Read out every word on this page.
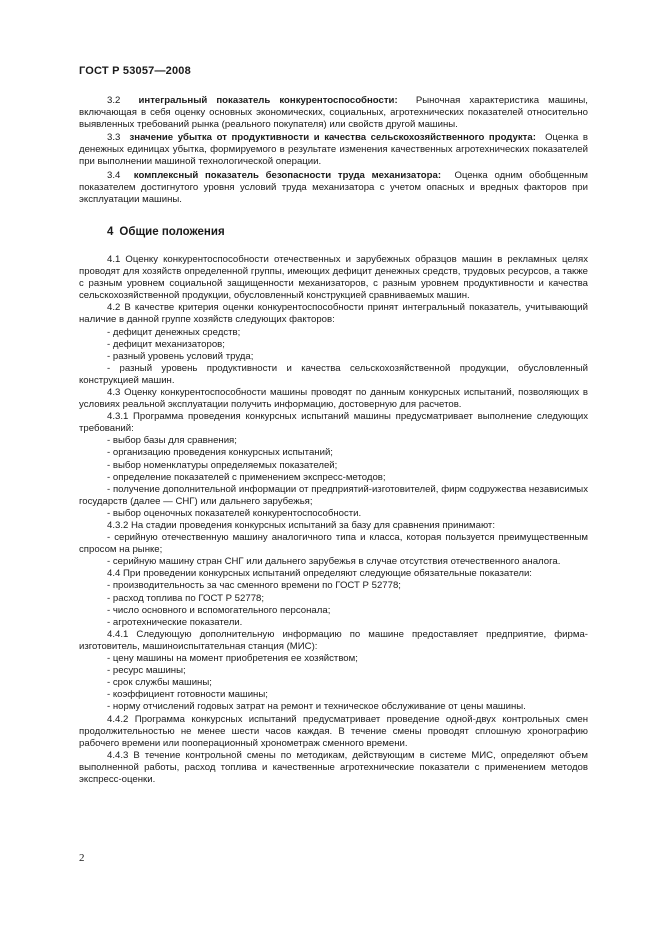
ГОСТ Р 53057—2008

3.2 интегральный показатель конкурентоспособности: Рыночная характеристика машины, включающая в себя оценку основных экономических, социальных, агротехнических показателей относительно выявленных требований рынка (реального покупателя) или свойств другой машины.

3.3 значение убытка от продуктивности и качества сельскохозяйственного продукта: Оценка в денежных единицах убытка, формируемого в результате изменения качественных агротехнических показателей при выполнении машиной технологической операции.

3.4 комплексный показатель безопасности труда механизатора: Оценка одним обобщенным показателем достигнутого уровня условий труда механизатора с учетом опасных и вредных факторов при эксплуатации машины.

4 Общие положения

4.1 Оценку конкурентоспособности отечественных и зарубежных образцов машин в рекламных целях проводят для хозяйств определенной группы, имеющих дефицит денежных средств, трудовых ресурсов, а также с разным уровнем социальной защищенности механизаторов, с разным уровнем продуктивности и качества сельскохозяйственной продукции, обусловленный конструкцией сравниваемых машин.

4.2 В качестве критерия оценки конкурентоспособности принят интегральный показатель, учитывающий наличие в данной группе хозяйств следующих факторов:

- дефицит денежных средств;

- дефицит механизаторов;

- разный уровень условий труда;

- разный уровень продуктивности и качества сельскохозяйственной продукции, обусловленный конструкцией машин.

4.3 Оценку конкурентоспособности машины проводят по данным конкурсных испытаний, позволяющих в условиях реальной эксплуатации получить информацию, достоверную для расчетов.

4.3.1 Программа проведения конкурсных испытаний машины предусматривает выполнение следующих требований:

- выбор базы для сравнения;

- организацию проведения конкурсных испытаний;

- выбор номенклатуры определяемых показателей;

- определение показателей с применением экспресс-методов;

- получение дополнительной информации от предприятий-изготовителей, фирм содружества независимых государств (далее — СНГ) или дальнего зарубежья;

- выбор оценочных показателей конкурентоспособности.

4.3.2 На стадии проведения конкурсных испытаний за базу для сравнения принимают:

- серийную отечественную машину аналогичного типа и класса, которая пользуется преимущественным спросом на рынке;

- серийную машину стран СНГ или дальнего зарубежья в случае отсутствия отечественного аналога.

4.4 При проведении конкурсных испытаний определяют следующие обязательные показатели:

- производительность за час сменного времени по ГОСТ Р 52778;

- расход топлива по ГОСТ Р 52778;

- число основного и вспомогательного персонала;

- агротехнические показатели.

4.4.1 Следующую дополнительную информацию по машине предоставляет предприятие, фирма-изготовитель, машиноиспытательная станция (МИС):

- цену машины на момент приобретения ее хозяйством;

- ресурс машины;

- срок службы машины;

- коэффициент готовности машины;

- норму отчислений годовых затрат на ремонт и техническое обслуживание от цены машины.

4.4.2 Программа конкурсных испытаний предусматривает проведение одной-двух контрольных смен продолжительностью не менее шести часов каждая. В течение смены проводят сплошную хронографию рабочего времени или пооперационный хронометраж сменного времени.

4.4.3 В течение контрольной смены по методикам, действующим в системе МИС, определяют объем выполненной работы, расход топлива и качественные агротехнические показатели с применением методов экспресс-оценки.

2
